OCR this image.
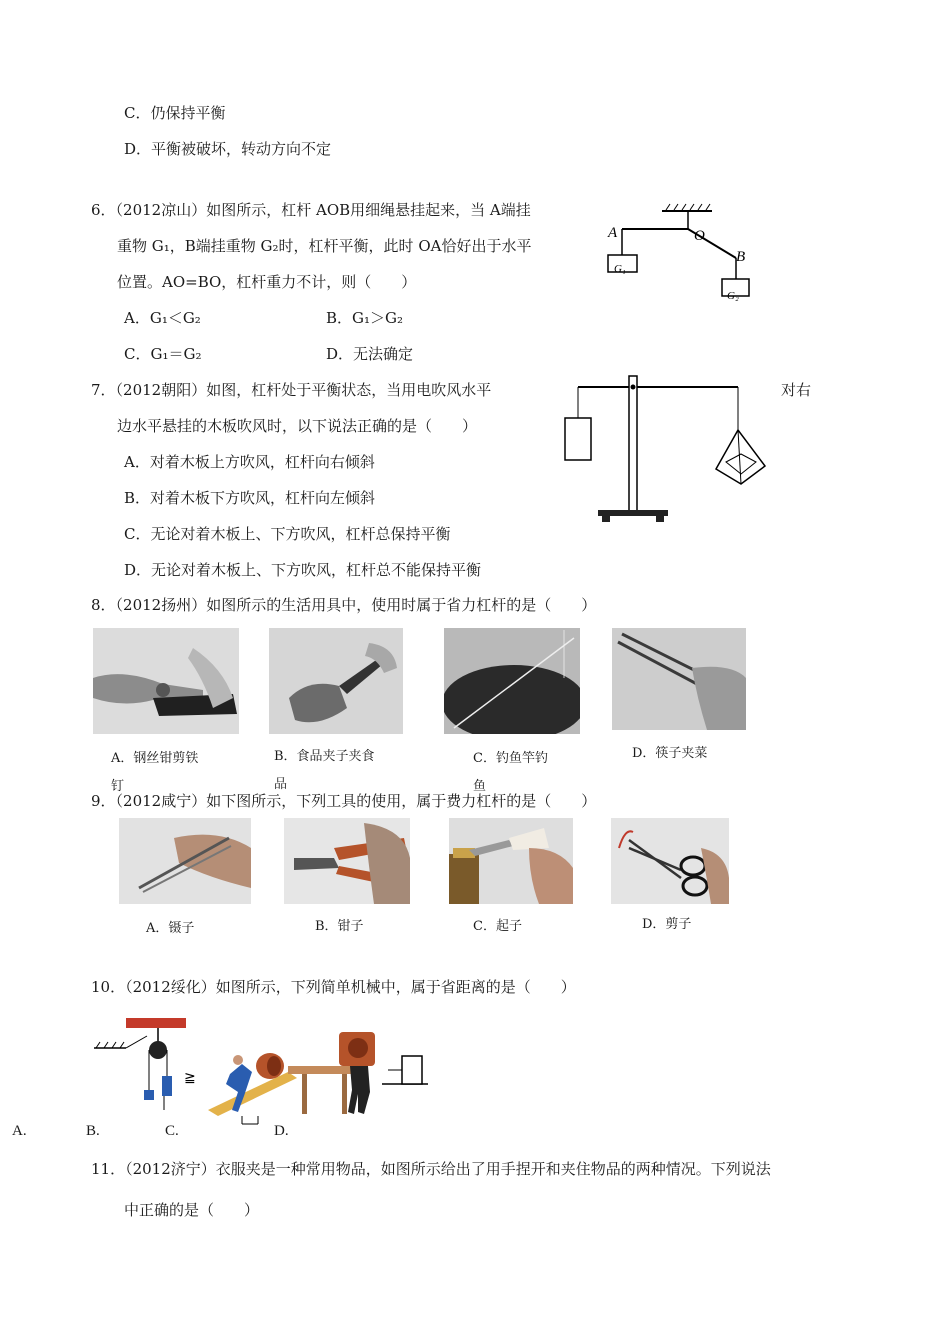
C．仍保持平衡
D．平衡被破坏，转动方向不定
6．（2012凉山）如图所示，杠杆 AOB用细绳悬挂起来，当 A端挂
重物 G₁，B端挂重物 G₂时，杠杆平衡，此时 OA恰好出于水平
位置。AO=BO，杠杆重力不计，则（　　）
A．G₁＜G₂	B．G₁＞G₂
C．G₁＝G₂	D．无法确定
A	O
B
G₁
G₂
7．（2012朝阳）如图，杠杆处于平衡状态，当用电吹风水平	对右
边水平悬挂的木板吹风时，以下说法正确的是（　　）
A．对着木板上方吹风，杠杆向右倾斜
B．对着木板下方吹风，杠杆向左倾斜
C．无论对着木板上、下方吹风，杠杆总保持平衡
D．无论对着木板上、下方吹风，杠杆总不能保持平衡
8．（2012扬州）如图所示的生活用具中，使用时属于省力杠杆的是（　　）
A．钢丝钳剪铁
钉
B．食品夹子夹食
品
C．钓鱼竿钓
鱼
D．筷子夹菜
9．（2012咸宁）如下图所示，下列工具的使用，属于费力杠杆的是（　　）
A．镊子	B．钳子	C．起子	D．剪子
10．（2012绥化）如图所示，下列简单机械中，属于省距离的是（　　）
≧
A.	B.	C.	D.
11．（2012济宁）衣服夹是一种常用物品，如图所示给出了用手捏开和夹住物品的两种情况。下列说法
中正确的是（　　）
